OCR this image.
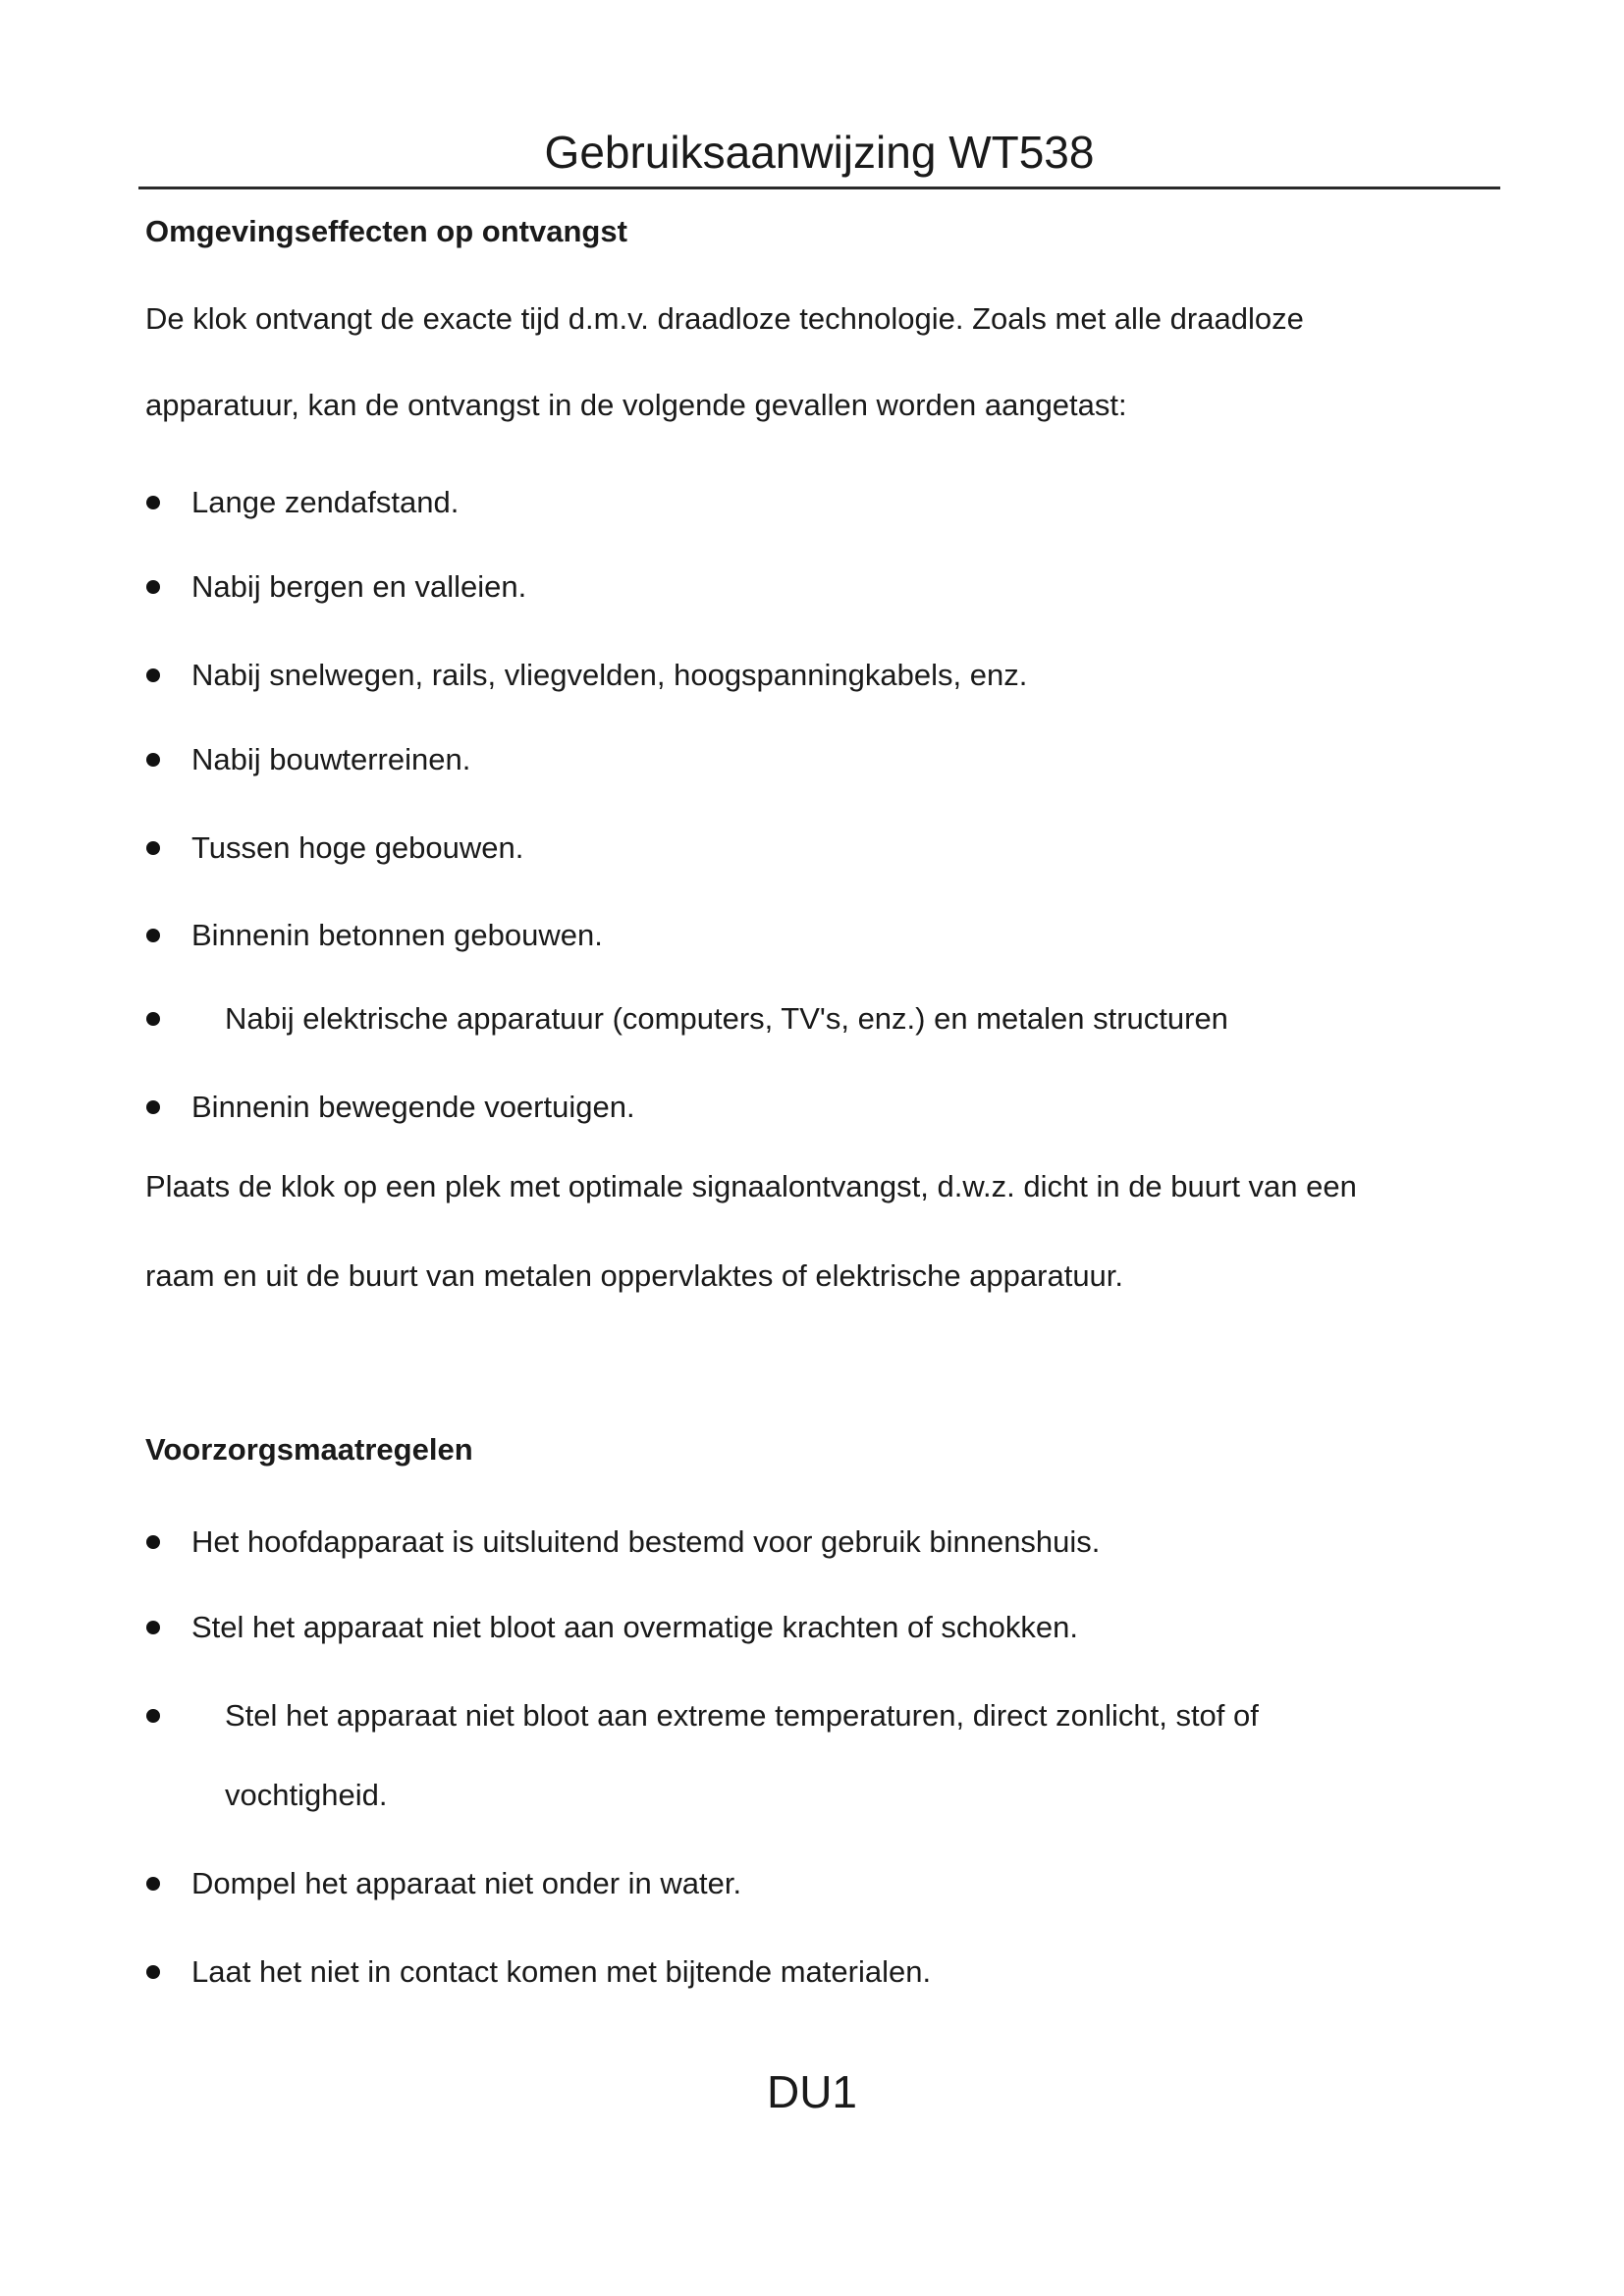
Gebruiksaanwijzing WT538
Omgevingseffecten op ontvangst
De klok ontvangt de exacte tijd d.m.v. draadloze technologie. Zoals met alle draadloze
apparatuur, kan de ontvangst in de volgende gevallen worden aangetast:
Lange zendafstand.
Nabij bergen en valleien.
Nabij snelwegen, rails, vliegvelden, hoogspanningkabels, enz.
Nabij bouwterreinen.
Tussen hoge gebouwen.
Binnenin betonnen gebouwen.
Nabij elektrische apparatuur (computers, TV's, enz.) en metalen structuren
Binnenin bewegende voertuigen.
Plaats de klok op een plek met optimale signaalontvangst, d.w.z. dicht in de buurt van een
raam en uit de buurt van metalen oppervlaktes of elektrische apparatuur.
Voorzorgsmaatregelen
Het hoofdapparaat is uitsluitend bestemd voor gebruik binnenshuis.
Stel het apparaat niet bloot aan overmatige krachten of schokken.
Stel het apparaat niet bloot aan extreme temperaturen, direct zonlicht, stof of
vochtigheid.
Dompel het apparaat niet onder in water.
Laat het niet in contact komen met bijtende materialen.
DU1
